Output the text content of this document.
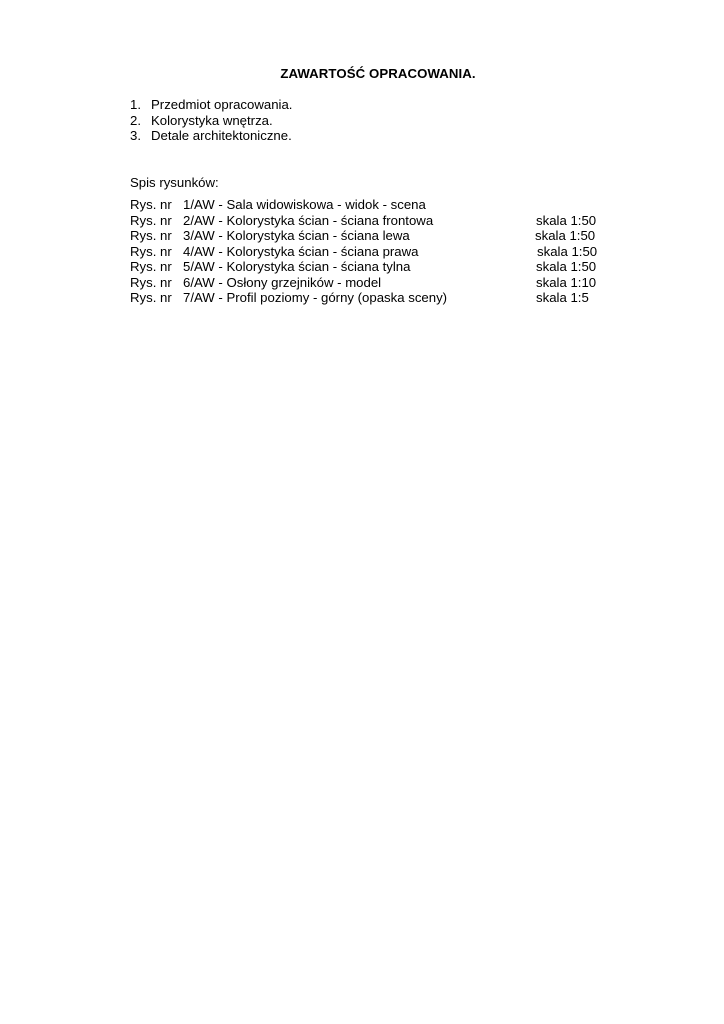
ZAWARTOŚĆ OPRACOWANIA.
1. Przedmiot opracowania.
2. Kolorystyka wnętrza.
3. Detale architektoniczne.
Spis rysunków:
Rys. nr 1/AW - Sala widowiskowa - widok - scena
Rys. nr 2/AW - Kolorystyka ścian - ściana frontowa	skala 1:50
Rys. nr 3/AW - Kolorystyka ścian - ściana lewa	skala 1:50
Rys. nr 4/AW - Kolorystyka ścian - ściana prawa	skala 1:50
Rys. nr 5/AW - Kolorystyka ścian - ściana tylna	skala 1:50
Rys. nr 6/AW - Osłony grzejników - model	skala 1:10
Rys. nr 7/AW - Profil poziomy - górny (opaska sceny)	skala 1:5
